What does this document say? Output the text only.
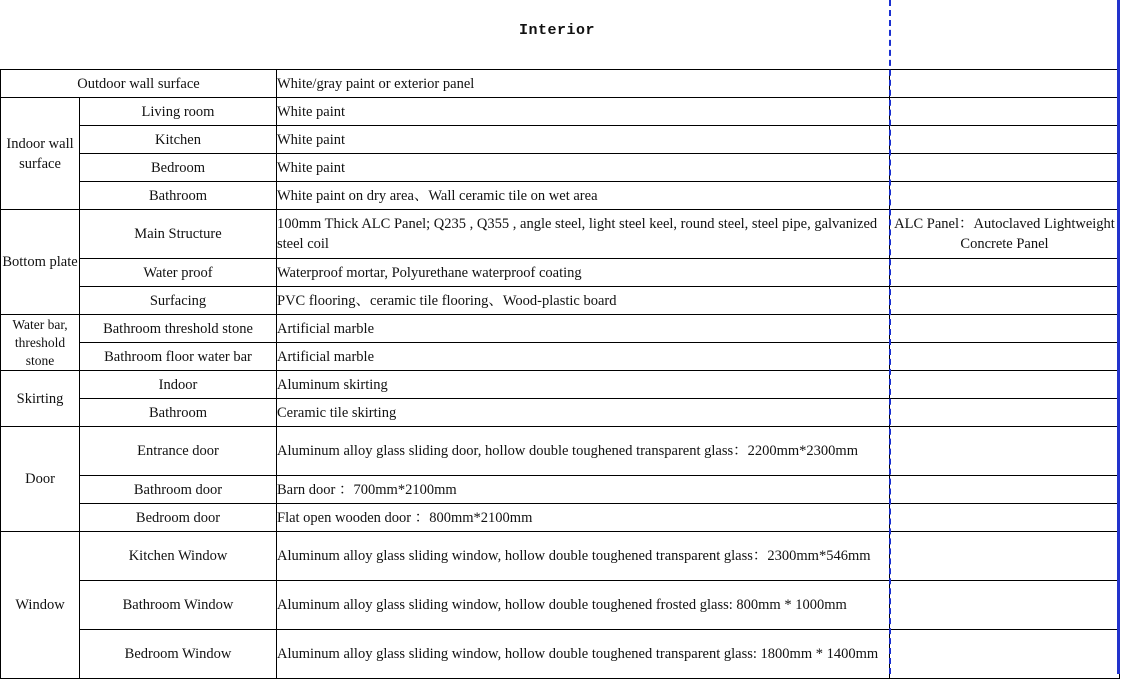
Interior
Outdoor wall surface		White/gray paint or exterior panel	
Indoor wall surface	Living room	White paint	
	Kitchen	White paint	
	Bedroom	White paint	
	Bathroom	White paint on dry area、Wall ceramic tile on wet area	
Bottom plate	Main Structure	100mm Thick ALC Panel; Q235 , Q355 , angle steel, light steel keel, round steel, steel pipe, galvanized steel coil	ALC Panel：Autoclaved Lightweight Concrete Panel
	Water proof	Waterproof mortar, Polyurethane waterproof coating	
	Surfacing	PVC flooring、ceramic tile flooring、Wood-plastic board	
Water bar, threshold stone	Bathroom threshold stone	Artificial marble	
	Bathroom floor water bar	Artificial marble	
Skirting	Indoor	Aluminum skirting	
	Bathroom	Ceramic tile skirting	
Door	Entrance door	Aluminum alloy glass sliding door, hollow double toughened transparent glass：2200mm*2300mm	
	Bathroom door	Barn door ：700mm*2100mm	
	Bedroom door	Flat open wooden door ：800mm*2100mm	
Window	Kitchen Window	Aluminum alloy glass sliding window, hollow double toughened transparent glass：2300mm*546mm	
	Bathroom Window	Aluminum alloy glass sliding window, hollow double toughened frosted glass: 800mm * 1000mm	
	Bedroom Window	Aluminum alloy glass sliding window, hollow double toughened transparent glass: 1800mm * 1400mm	
